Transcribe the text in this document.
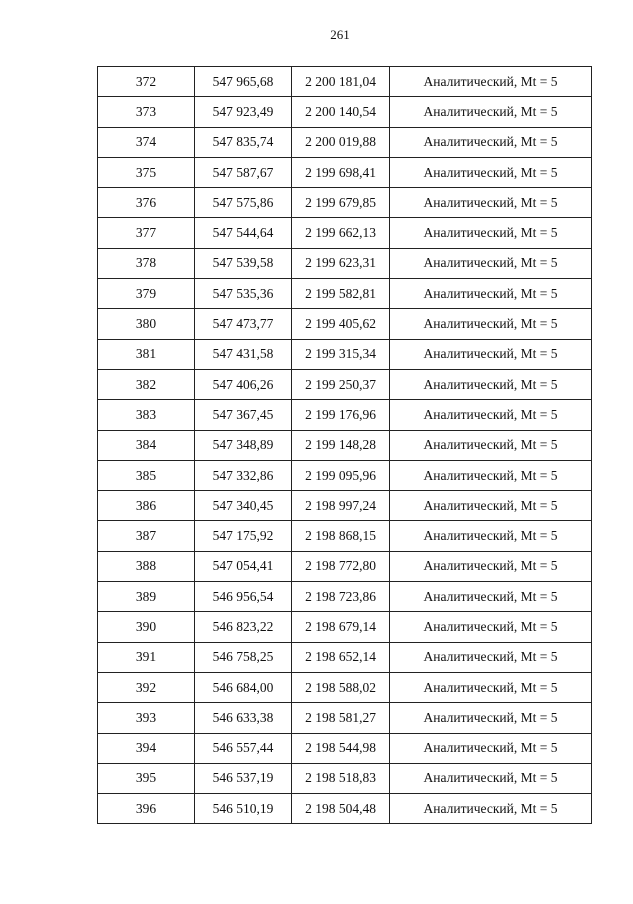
261
372	547 965,68	2 200 181,04	Аналитический, Mt = 5
373	547 923,49	2 200 140,54	Аналитический, Mt = 5
374	547 835,74	2 200 019,88	Аналитический, Mt = 5
375	547 587,67	2 199 698,41	Аналитический, Mt = 5
376	547 575,86	2 199 679,85	Аналитический, Mt = 5
377	547 544,64	2 199 662,13	Аналитический, Mt = 5
378	547 539,58	2 199 623,31	Аналитический, Mt = 5
379	547 535,36	2 199 582,81	Аналитический, Mt = 5
380	547 473,77	2 199 405,62	Аналитический, Mt = 5
381	547 431,58	2 199 315,34	Аналитический, Mt = 5
382	547 406,26	2 199 250,37	Аналитический, Mt = 5
383	547 367,45	2 199 176,96	Аналитический, Mt = 5
384	547 348,89	2 199 148,28	Аналитический, Mt = 5
385	547 332,86	2 199 095,96	Аналитический, Mt = 5
386	547 340,45	2 198 997,24	Аналитический, Mt = 5
387	547 175,92	2 198 868,15	Аналитический, Mt = 5
388	547 054,41	2 198 772,80	Аналитический, Mt = 5
389	546 956,54	2 198 723,86	Аналитический, Mt = 5
390	546 823,22	2 198 679,14	Аналитический, Mt = 5
391	546 758,25	2 198 652,14	Аналитический, Mt = 5
392	546 684,00	2 198 588,02	Аналитический, Mt = 5
393	546 633,38	2 198 581,27	Аналитический, Mt = 5
394	546 557,44	2 198 544,98	Аналитический, Mt = 5
395	546 537,19	2 198 518,83	Аналитический, Mt = 5
396	546 510,19	2 198 504,48	Аналитический, Mt = 5
